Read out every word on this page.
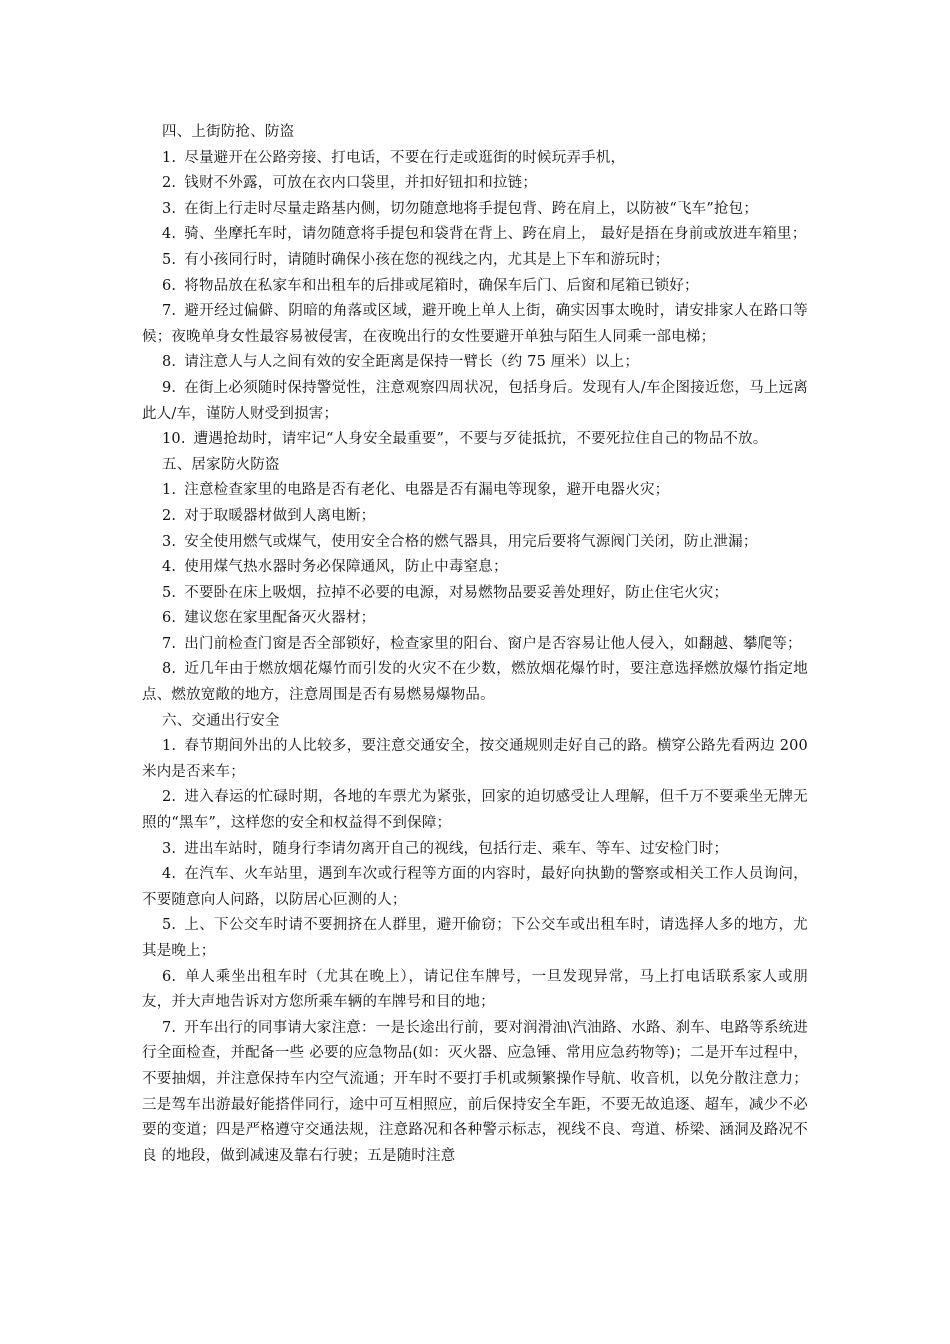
四、上街防抢、防盗

1. 尽量避开在公路旁接、打电话，不要在行走或逛街的时候玩弄手机，

2. 钱财不外露，可放在衣内口袋里，并扣好钮扣和拉链；

3. 在街上行走时尽量走路基内侧，切勿随意地将手提包背、跨在肩上，以防被“飞车”抢包；

4. 骑、坐摩托车时，请勿随意将手提包和袋背在背上、跨在肩上， 最好是捂在身前或放进车箱里；

5. 有小孩同行时，请随时确保小孩在您的视线之内，尤其是上下车和游玩时；

6. 将物品放在私家车和出租车的后排或尾箱时，确保车后门、后窗和尾箱已锁好；

7. 避开经过偏僻、阴暗的角落或区域，避开晚上单人上街，确实因事太晚时，请安排家人在路口等候；夜晚单身女性最容易被侵害，在夜晚出行的女性要避开单独与陌生人同乘一部电梯；

8. 请注意人与人之间有效的安全距离是保持一臂长（约 75 厘米）以上；

9. 在街上必须随时保持警觉性，注意观察四周状况，包括身后。发现有人/车企图接近您，马上远离此人/车，谨防人财受到损害；

10. 遭遇抢劫时，请牢记“人身安全最重要”，不要与歹徒抵抗，不要死拉住自己的物品不放。

五、居家防火防盗

1. 注意检查家里的电路是否有老化、电器是否有漏电等现象，避开电器火灾；

2. 对于取暖器材做到人离电断；

3. 安全使用燃气或煤气，使用安全合格的燃气器具，用完后要将气源阀门关闭，防止泄漏；

4. 使用煤气热水器时务必保障通风，防止中毒窒息；

5. 不要卧在床上吸烟，拉掉不必要的电源，对易燃物品要妥善处理好，防止住宅火灾；

6. 建议您在家里配备灭火器材；

7. 出门前检查门窗是否全部锁好，检查家里的阳台、窗户是否容易让他人侵入，如翻越、攀爬等；

8. 近几年由于燃放烟花爆竹而引发的火灾不在少数，燃放烟花爆竹时，要注意选择燃放爆竹指定地点、燃放宽敞的地方，注意周围是否有易燃易爆物品。

六、交通出行安全

1. 春节期间外出的人比较多，要注意交通安全，按交通规则走好自己的路。横穿公路先看两边 200 米内是否来车；

2. 进入春运的忙碌时期，各地的车票尤为紧张，回家的迫切感受让人理解，但千万不要乘坐无牌无照的“黑车”，这样您的安全和权益得不到保障；

3. 进出车站时，随身行李请勿离开自己的视线，包括行走、乘车、等车、过安检门时；

4. 在汽车、火车站里，遇到车次或行程等方面的内容时，最好向执勤的警察或相关工作人员询问，不要随意向人问路，以防居心叵测的人；

5. 上、下公交车时请不要拥挤在人群里，避开偷窃；下公交车或出租车时，请选择人多的地方，尤其是晚上；

6. 单人乘坐出租车时（尤其在晚上），请记住车牌号，一旦发现异常，马上打电话联系家人或朋友，并大声地告诉对方您所乘车辆的车牌号和目的地；

7. 开车出行的同事请大家注意：一是长途出行前，要对润滑油\汽油路、水路、刹车、电路等系统进行全面检查，并配备一些 必要的应急物品(如：灭火器、应急锤、常用应急药物等)；二是开车过程中，不要抽烟，并注意保持车内空气流通；开车时不要打手机或频繁操作导航、收音机，以免分散注意力；三是驾车出游最好能搭伴同行，途中可互相照应，前后保持安全车距，不要无故追逐、超车，减少不必要的变道；四是严格遵守交通法规，注意路况和各种警示标志，视线不良、弯道、桥梁、涵洞及路况不良 的地段，做到减速及靠右行驶；五是随时注意
